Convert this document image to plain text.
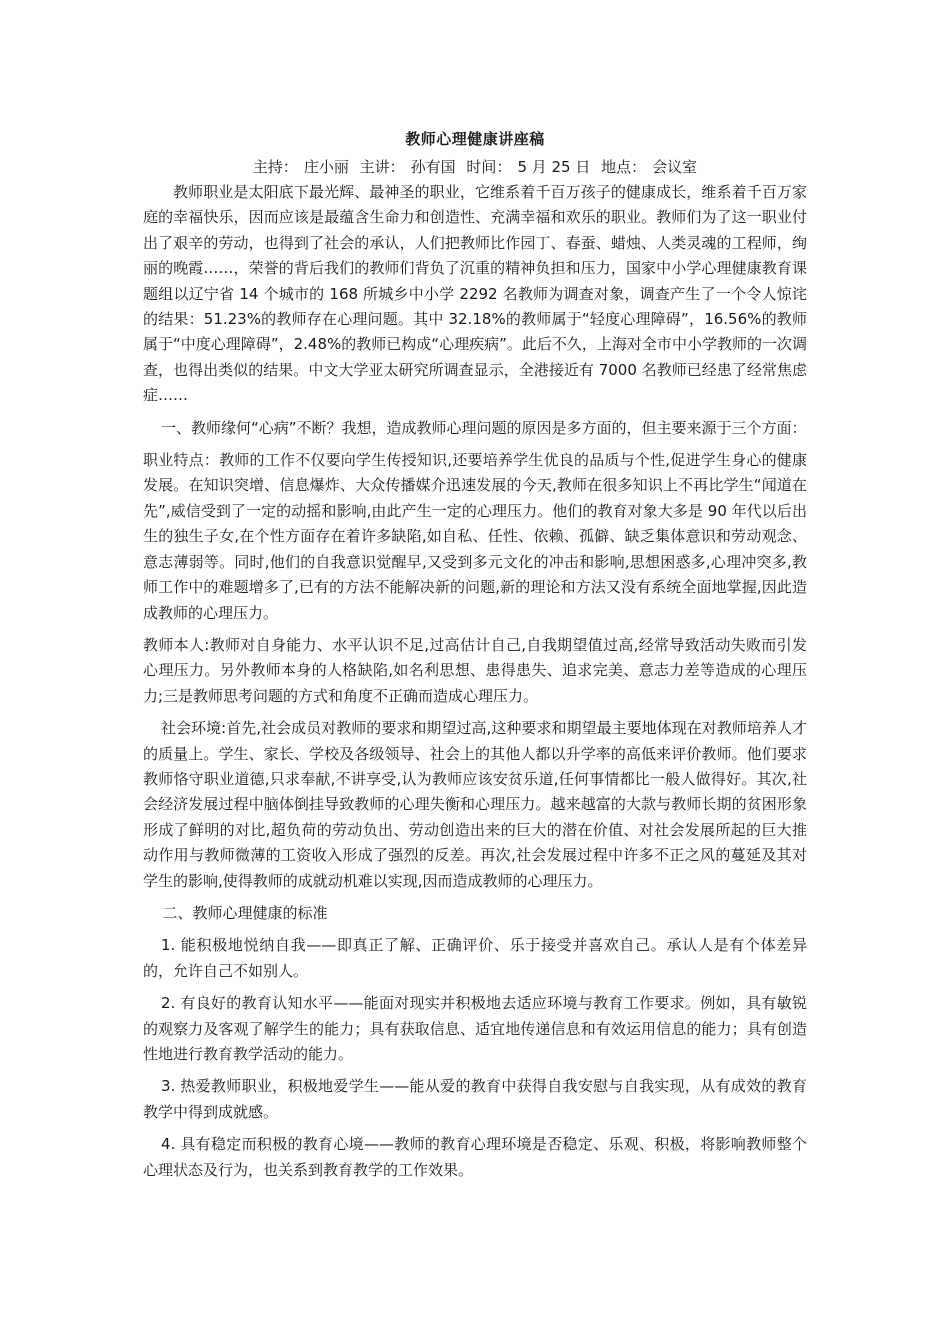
教师心理健康讲座稿
主持： 庄小丽 主讲： 孙有国 时间： 5 月 25 日 地点： 会议室

教师职业是太阳底下最光辉、最神圣的职业，它维系着千百万孩子的健康成长，维系着千百万家庭的幸福快乐，因而应该是最蕴含生命力和创造性、充满幸福和欢乐的职业。教师们为了这一职业付出了艰辛的劳动，也得到了社会的承认，人们把教师比作园丁、春蚕、蜡烛、人类灵魂的工程师，绚丽的晚霞……，荣誉的背后我们的教师们背负了沉重的精神负担和压力，国家中小学心理健康教育课题组以辽宁省 14 个城市的 168 所城乡中小学 2292 名教师为调查对象，调查产生了一个令人惊诧的结果：51.23%的教师存在心理问题。其中 32.18%的教师属于“轻度心理障碍”，16.56%的教师属于“中度心理障碍”，2.48%的教师已构成“心理疾病”。此后不久，上海对全市中小学教师的一次调查，也得出类似的结果。中文大学亚太研究所调查显示，全港接近有 7000 名教师已经患了经常焦虑症……

一、教师缘何“心病”不断？我想，造成教师心理问题的原因是多方面的，但主要来源于三个方面：

职业特点：教师的工作不仅要向学生传授知识,还要培养学生优良的品质与个性,促进学生身心的健康发展。在知识突增、信息爆炸、大众传播媒介迅速发展的今天,教师在很多知识上不再比学生“闻道在先”,威信受到了一定的动摇和影响,由此产生一定的心理压力。他们的教育对象大多是 90 年代以后出生的独生子女,在个性方面存在着许多缺陷,如自私、任性、依赖、孤僻、缺乏集体意识和劳动观念、意志薄弱等。同时,他们的自我意识觉醒早,又受到多元文化的冲击和影响,思想困惑多,心理冲突多,教师工作中的难题增多了,已有的方法不能解决新的问题,新的理论和方法又没有系统全面地掌握,因此造成教师的心理压力。

教师本人:教师对自身能力、水平认识不足,过高估计自己,自我期望值过高,经常导致活动失败而引发心理压力。另外教师本身的人格缺陷,如名利思想、患得患失、追求完美、意志力差等造成的心理压力;三是教师思考问题的方式和角度不正确而造成心理压力。

社会环境:首先,社会成员对教师的要求和期望过高,这种要求和期望最主要地体现在对教师培养人才的质量上。学生、家长、学校及各级领导、社会上的其他人都以升学率的高低来评价教师。他们要求教师恪守职业道德,只求奉献,不讲享受,认为教师应该安贫乐道,任何事情都比一般人做得好。其次,社会经济发展过程中脑体倒挂导致教师的心理失衡和心理压力。越来越富的大款与教师长期的贫困形象形成了鲜明的对比,超负荷的劳动负出、劳动创造出来的巨大的潜在价值、对社会发展所起的巨大推动作用与教师微薄的工资收入形成了强烈的反差。再次,社会发展过程中许多不正之风的蔓延及其对学生的影响,使得教师的成就动机难以实现,因而造成教师的心理压力。

二、教师心理健康的标准

1. 能积极地悦纳自我——即真正了解、正确评价、乐于接受并喜欢自己。承认人是有个体差异的，允许自己不如别人。

2. 有良好的教育认知水平——能面对现实并积极地去适应环境与教育工作要求。例如，具有敏锐的观察力及客观了解学生的能力；具有获取信息、适宜地传递信息和有效运用信息的能力；具有创造性地进行教育教学活动的能力。

3. 热爱教师职业，积极地爱学生——能从爱的教育中获得自我安慰与自我实现，从有成效的教育教学中得到成就感。

4. 具有稳定而积极的教育心境——教师的教育心理环境是否稳定、乐观、积极，将影响教师整个心理状态及行为，也关系到教育教学的工作效果。
